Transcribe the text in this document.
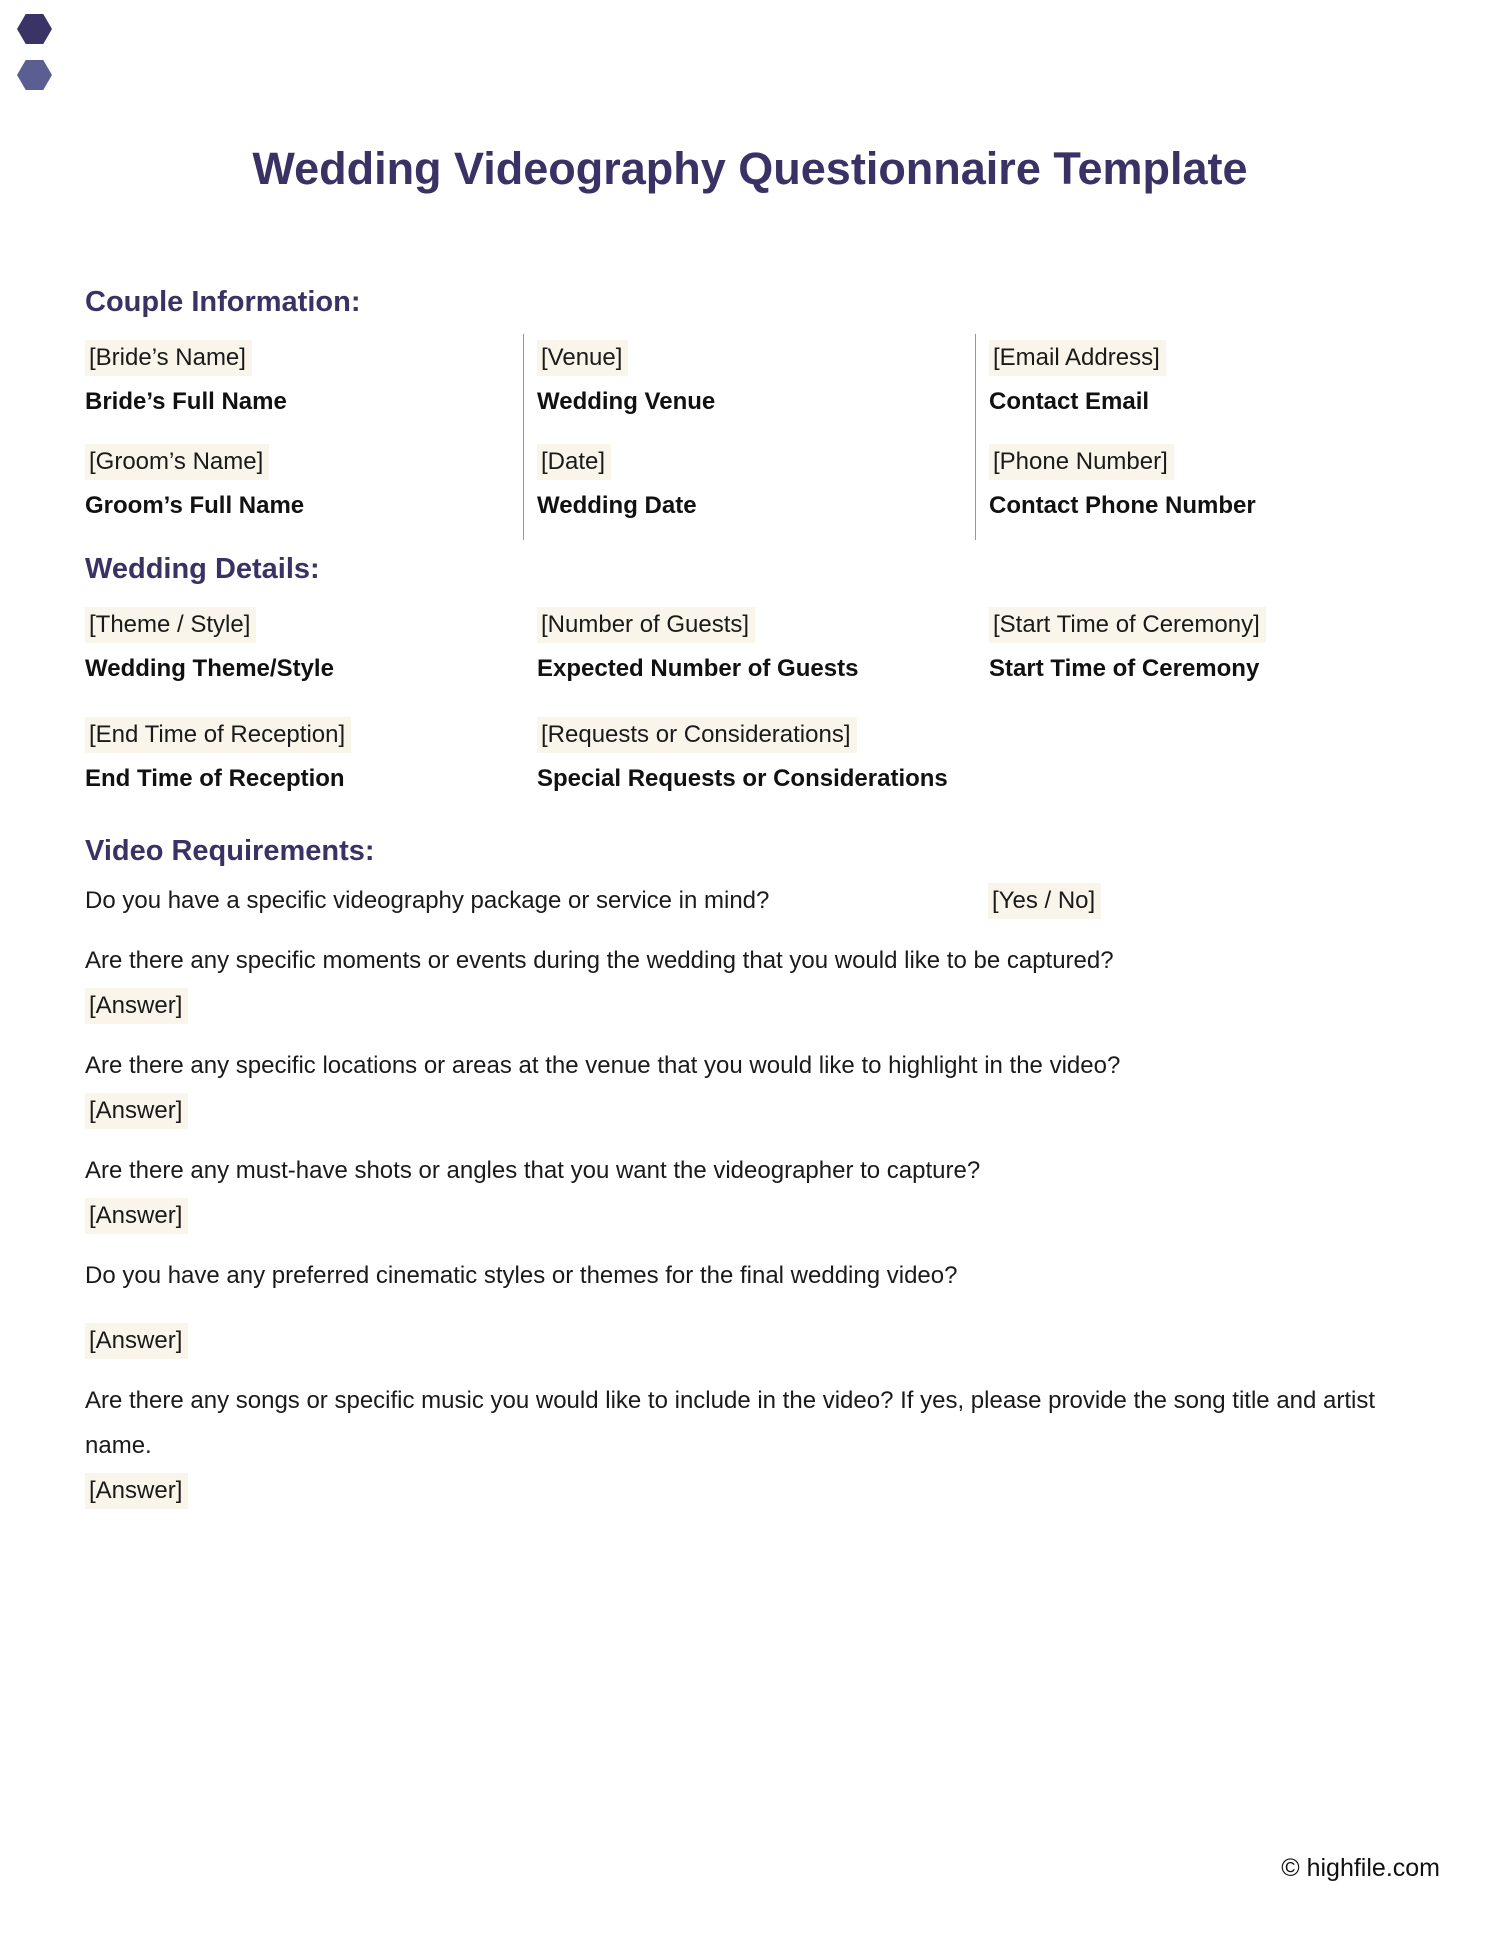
Wedding Videography Questionnaire Template
Couple Information:
[Bride’s Name]
Bride’s Full Name
[Groom’s Name]
Groom’s Full Name
[Venue]
Wedding Venue
[Date]
Wedding Date
[Email Address]
Contact Email
[Phone Number]
Contact Phone Number
Wedding Details:
[Theme / Style]
Wedding Theme/Style
[Number of Guests]
Expected Number of Guests
[Start Time of Ceremony]
Start Time of Ceremony
[End Time of Reception]
End Time of Reception
[Requests or Considerations]
Special Requests or Considerations
Video Requirements:

Do you have a specific videography package or service in mind?	[Yes / No]

Are there any specific moments or events during the wedding that you would like to be captured?

[Answer]

Are there any specific locations or areas at the venue that you would like to highlight in the video?

[Answer]

Are there any must-have shots or angles that you want the videographer to capture?

[Answer]

Do you have any preferred cinematic styles or themes for the final wedding video?

[Answer]

Are there any songs or specific music you would like to include in the video? If yes, please provide the song title and artist name.

[Answer]
© highfile.com
